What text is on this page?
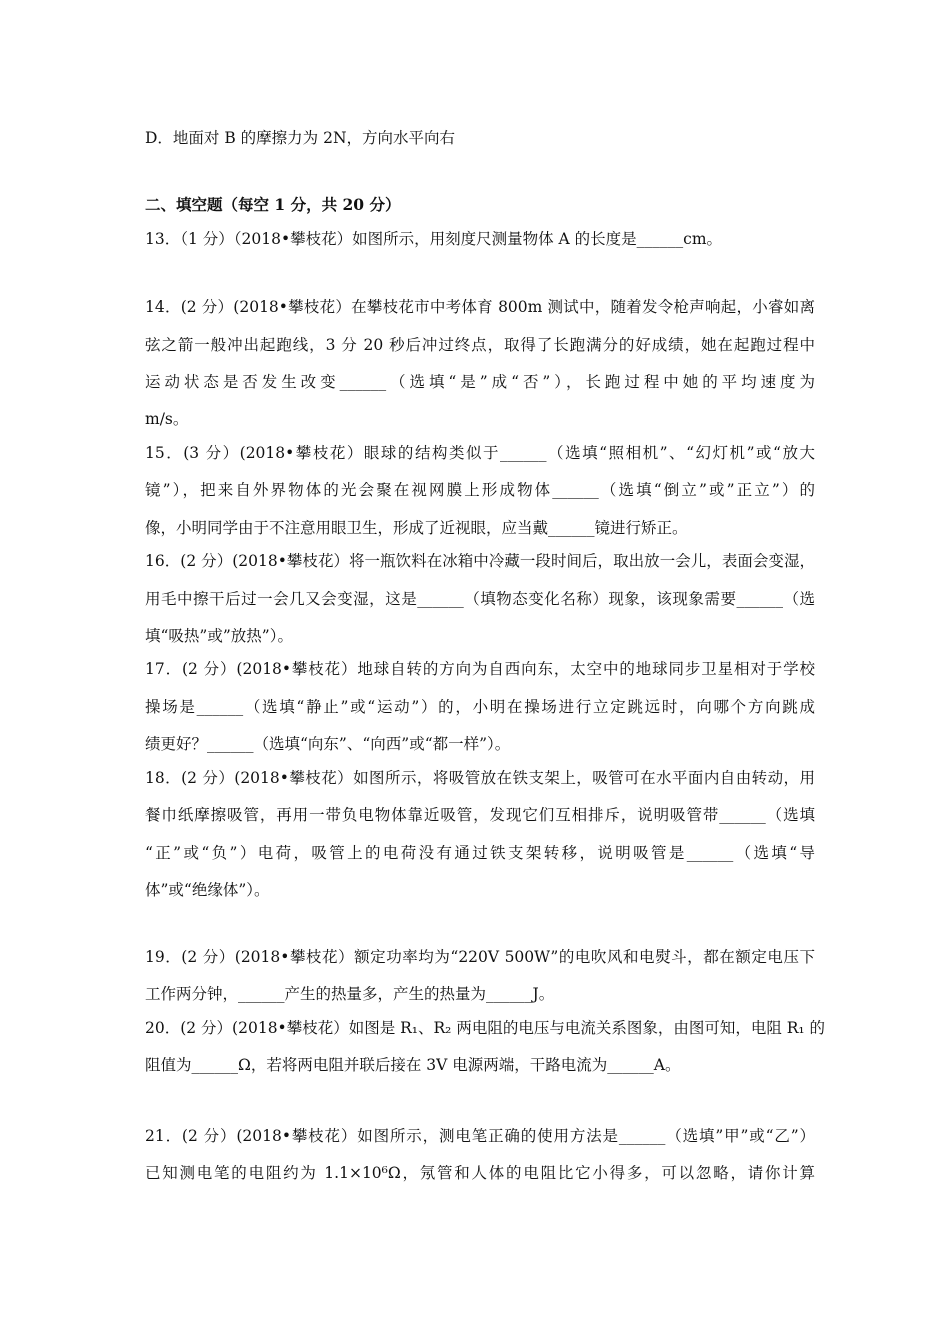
D．地面对 B 的摩擦力为 2N，方向水平向右
二、填空题（每空 1 分，共 20 分）
13．（1 分）（2018•攀枝花）如图所示，用刻度尺测量物体 A 的长度是______cm。
14．(2 分）(2018•攀枝花）在攀枝花市中考体育 800m 测试中，随着发令枪声响起，小睿如离
弦之箭一般冲出起跑线，3 分 20 秒后冲过终点，取得了长跑满分的好成绩，她在起跑过程中
运动状态是否发生改变______（选填“是”成“否”），长跑过程中她的平均速度为
m/s。
15．(3 分）(2018•攀枝花）眼球的结构类似于______（选填“照相机”、“幻灯机”或“放大
镜”），把来自外界物体的光会聚在视网膜上形成物体______（选填“倒立”或”正立”）的
像，小明同学由于不注意用眼卫生，形成了近视眼，应当戴______镜进行矫正。
16．(2 分）(2018•攀枝花）将一瓶饮料在冰箱中冷藏一段时间后，取出放一会儿，表面会变湿，
用毛中擦干后过一会几又会变湿，这是______（填物态变化名称）现象，该现象需要______（选
填“吸热”或”放热”）。
17．(2 分）(2018•攀枝花）地球自转的方向为自西向东，太空中的地球同步卫星相对于学校
操场是______（选填“静止”或“运动”）的，小明在操场进行立定跳远时，向哪个方向跳成
绩更好？______（选填“向东”、“向西”或“都一样”）。
18．(2 分）(2018•攀枝花）如图所示，将吸管放在铁支架上，吸管可在水平面内自由转动，用
餐巾纸摩擦吸管，再用一带负电物体靠近吸管，发现它们互相排斥，说明吸管带______（选填
“正”或“负”）电荷，吸管上的电荷没有通过铁支架转移，说明吸管是______（选填“导
体”或“绝缘体”）。
19．(2 分）(2018•攀枝花）额定功率均为“220V 500W”的电吹风和电熨斗，都在额定电压下
工作两分钟，______产生的热量多，产生的热量为______J。
20．(2 分）(2018•攀枝花）如图是 R₁、R₂ 两电阻的电压与电流关系图象，由图可知，电阻 R₁ 的
阻值为______Ω，若将两电阻并联后接在 3V 电源两端，干路电流为______A。
21．(2 分）(2018•攀枝花）如图所示，测电笔正确的使用方法是______（选填”甲”或“乙”）
已知测电笔的电阻约为 1.1×10⁶Ω，氖管和人体的电阻比它小得多，可以忽略，请你计算
